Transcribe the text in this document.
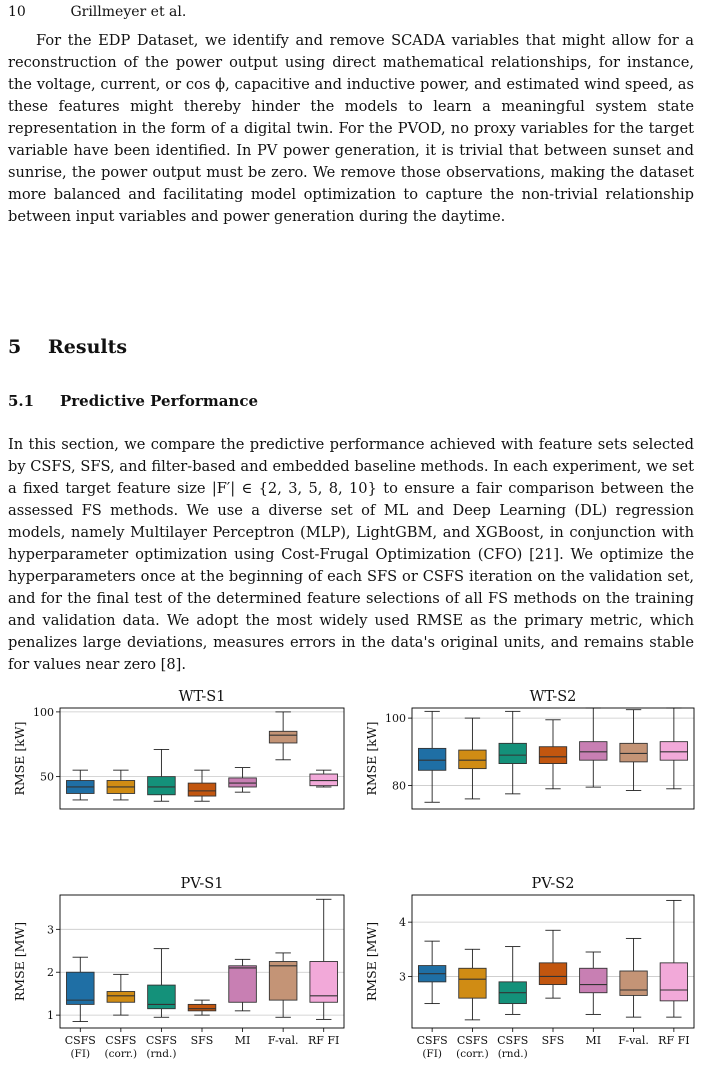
10	Grillmeyer et al.

For the EDP Dataset, we identify and remove SCADA variables that might allow for a reconstruction of the power output using direct mathematical relationships, for instance, the voltage, current, or cos ϕ, capacitive and inductive power, and estimated wind speed, as these features might thereby hinder the models to learn a meaningful system state representation in the form of a digital twin. For the PVOD, no proxy variables for the target variable have been identified. In PV power generation, it is trivial that between sunset and sunrise, the power output must be zero. We remove those observations, making the dataset more balanced and facilitating model optimization to capture the non-trivial relationship between input variables and power generation during the daytime.

5 Results
5.1 Predictive Performance

In this section, we compare the predictive performance achieved with feature sets selected by CSFS, SFS, and filter-based and embedded baseline methods. In each experiment, we set a fixed target feature size |F′| ∈ {2, 3, 5, 8, 10} to ensure a fair comparison between the assessed FS methods. We use a diverse set of ML and Deep Learning (DL) regression models, namely Multilayer Perceptron (MLP), LightGBM, and XGBoost, in conjunction with hyperparameter optimization using Cost-Frugal Optimization (CFO) [21]. We optimize the hyperparameters once at the beginning of each SFS or CSFS iteration on the validation set, and for the final test of the determined feature selections of all FS methods on the training and validation data. We adopt the most widely used RMSE as the primary metric, which penalizes large deviations, measures errors in the data's original units, and remains stable for values near zero [8].

50
100
WT-S1
RMSE [kW]	80
100
WT-S2
RMSE [kW]
1
2
3
PV-S1
RMSE [MW]
CSFS
(FI)
CSFS
(corr.)
CSFS
(rnd.)
SFS MI F-val. RF FI
3
4
PV-S2
RMSE [MW]
CSFS
(FI)
CSFS
(corr.)
CSFS
(rnd.)
SFS MI F-val. RF FI
